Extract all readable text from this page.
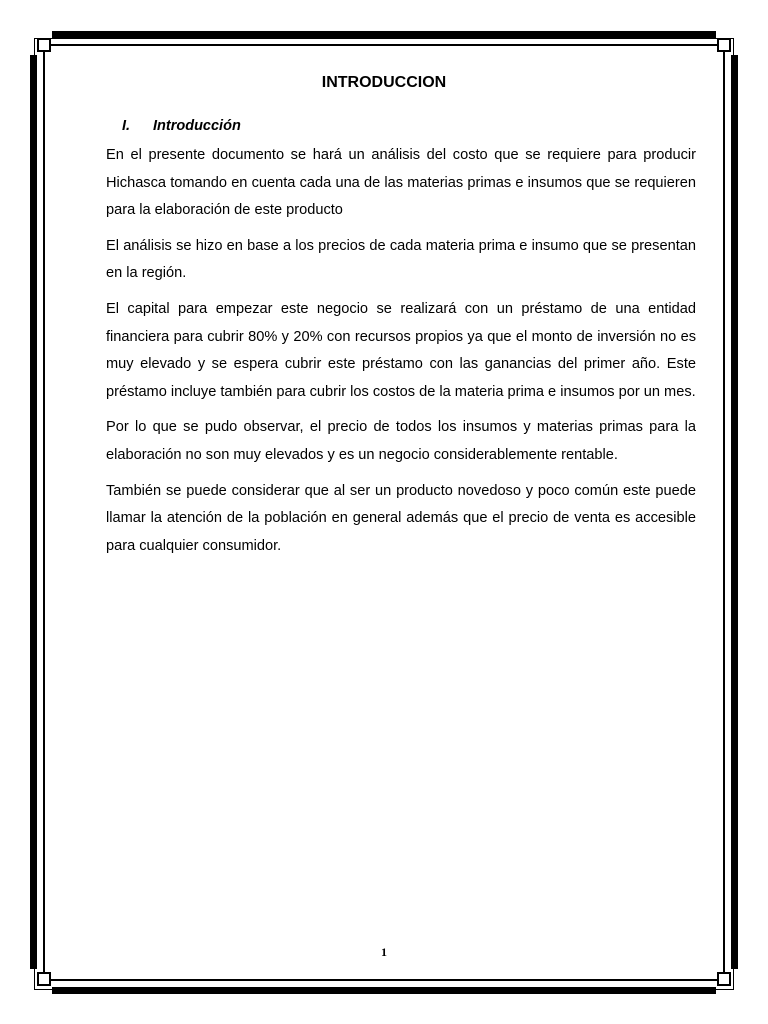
INTRODUCCION
I. Introducción

En el presente documento se hará un análisis del costo que se requiere para producir Hichasca tomando en cuenta cada una de las materias primas e insumos que se requieren para la elaboración de este producto

El análisis se hizo en base a los precios de cada materia prima e insumo que se presentan en la región.

El capital para empezar este negocio se realizará con un préstamo de una entidad financiera para cubrir 80% y 20% con recursos propios ya que el monto de inversión no es muy elevado y se espera cubrir este préstamo con las ganancias del primer año. Este préstamo incluye también para cubrir los costos de la materia prima e insumos por un mes.

Por lo que se pudo observar, el precio de todos los insumos y materias primas para la elaboración no son muy elevados y es un negocio considerablemente rentable.

También se puede considerar que al ser un producto novedoso y poco común este puede llamar la atención de la población en general además que el precio de venta es accesible para cualquier consumidor.

1
